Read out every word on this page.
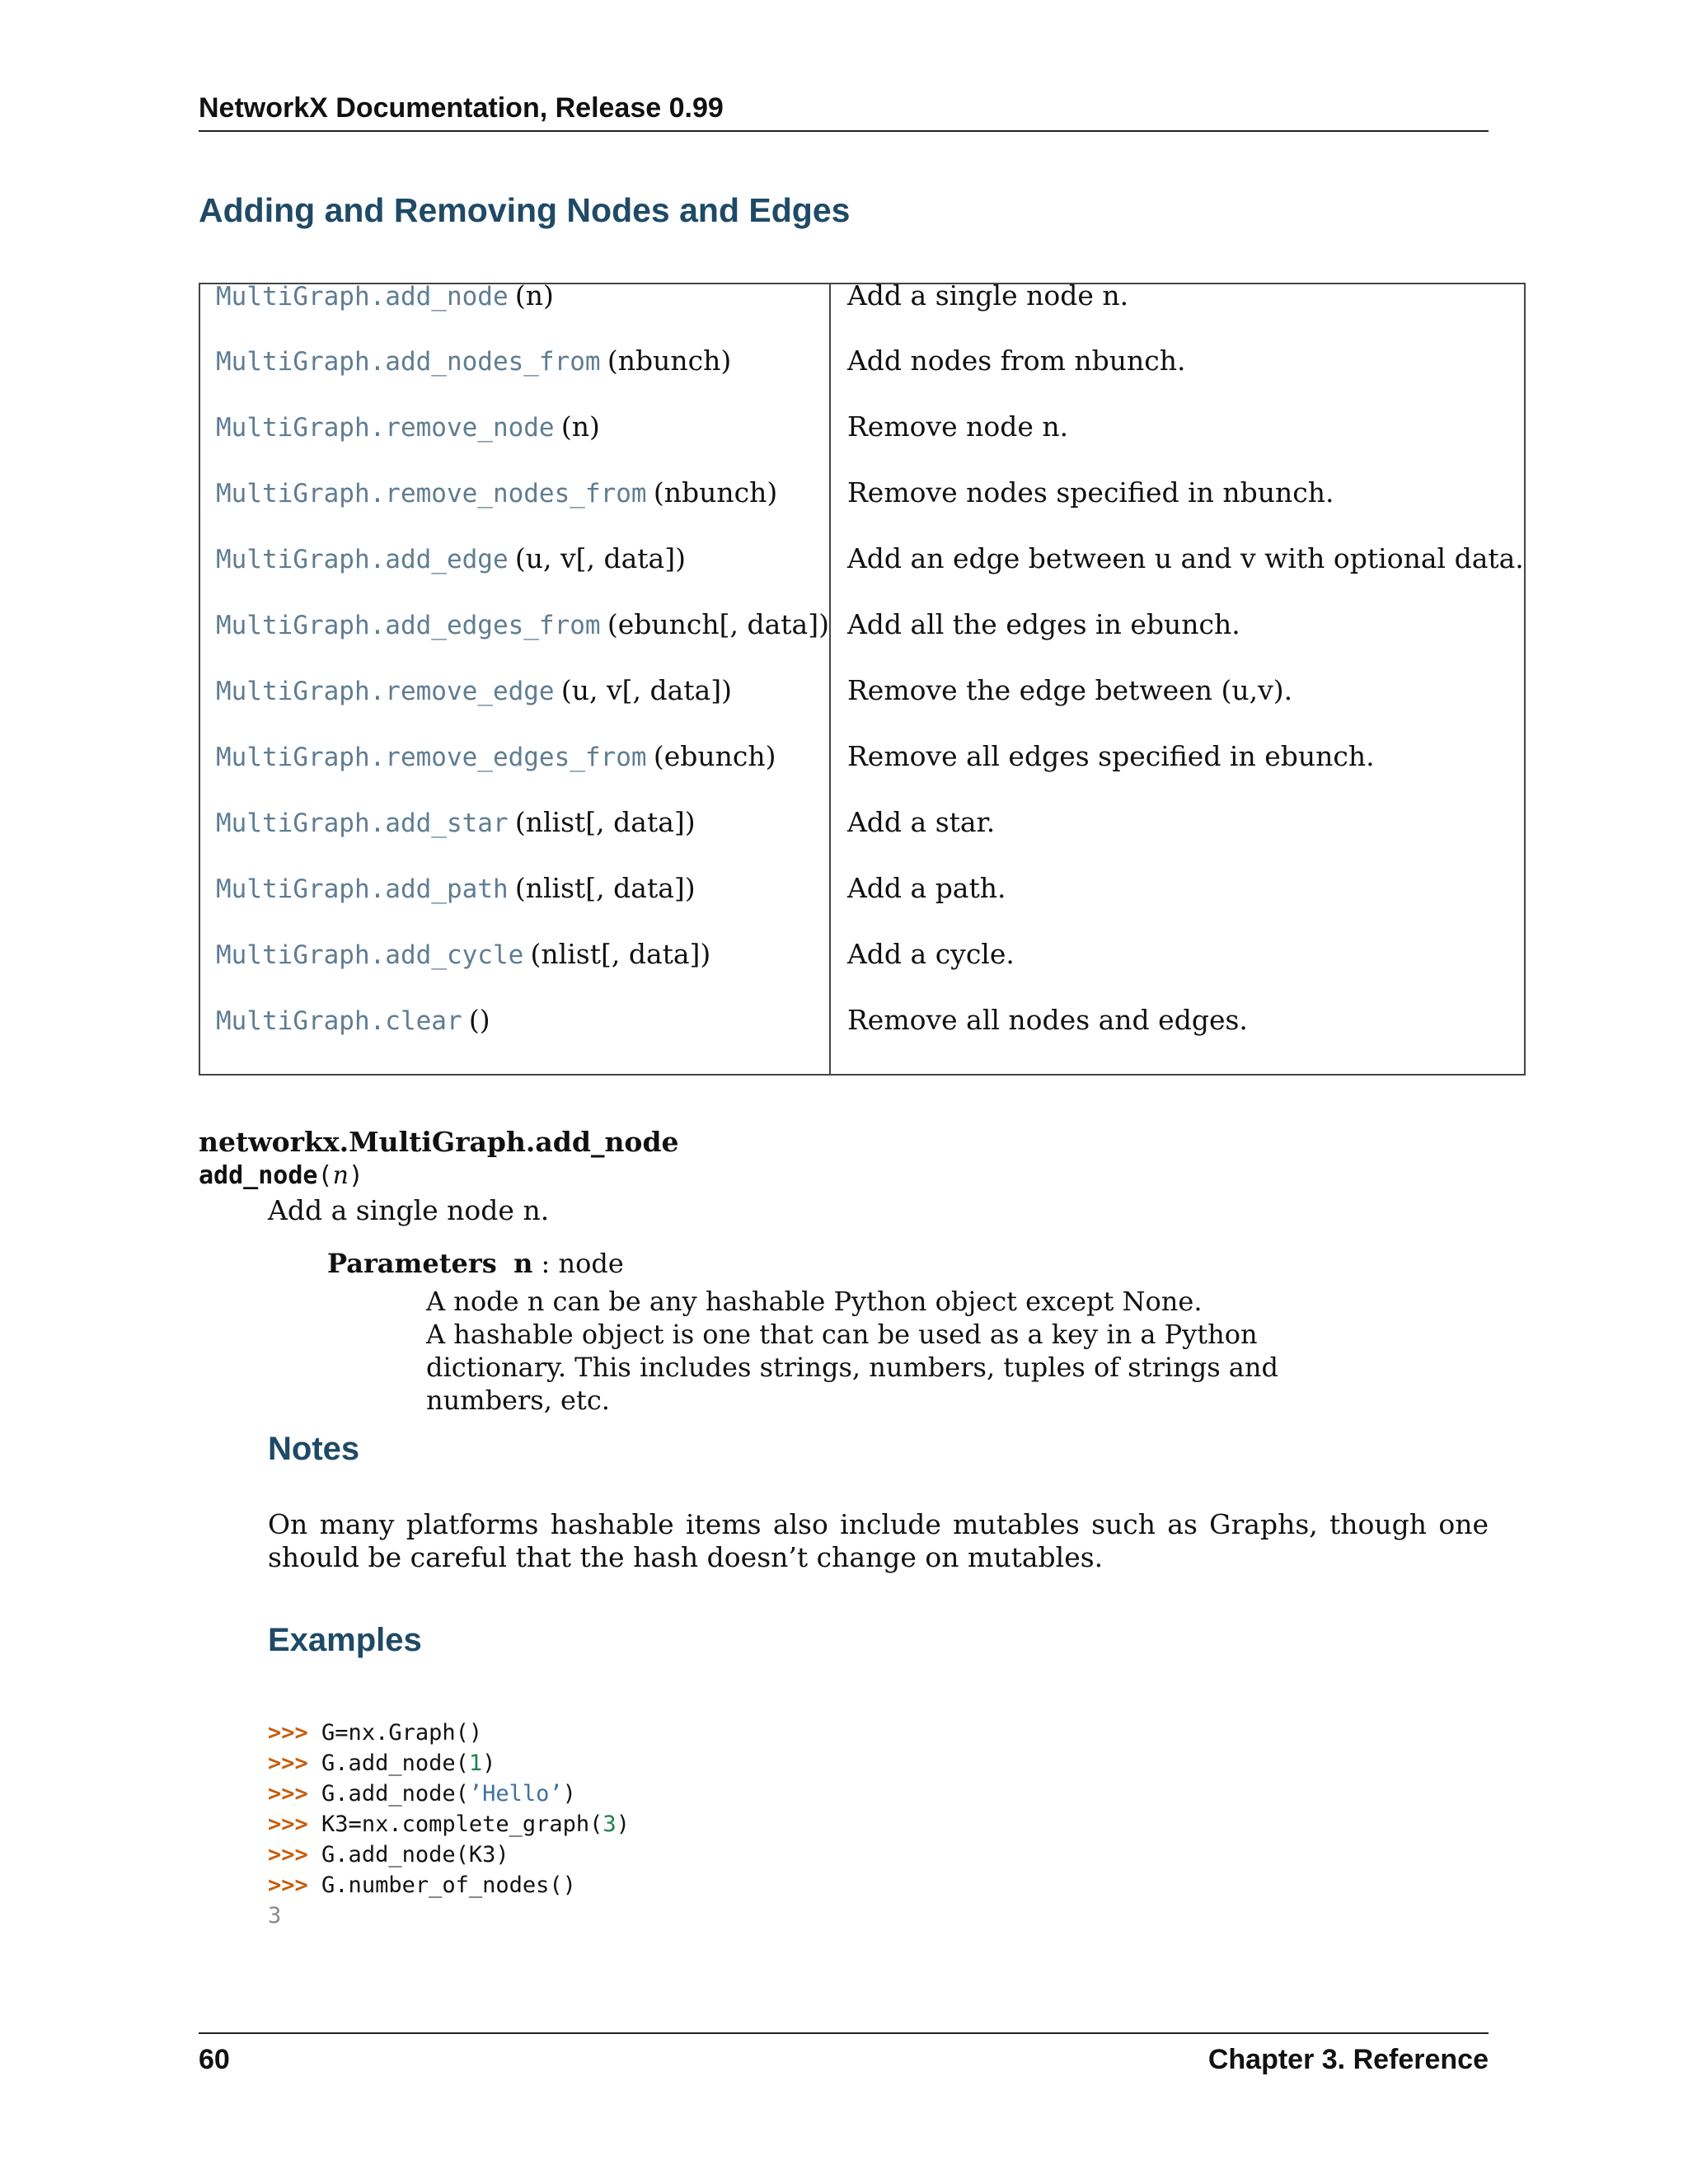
NetworkX Documentation, Release 0.99
Adding and Removing Nodes and Edges
MultiGraph.add_node (n)	Add a single node n.

MultiGraph.add_nodes_from (nbunch)	Add nodes from nbunch.

MultiGraph.remove_node (n)	Remove node n.

MultiGraph.remove_nodes_from (nbunch)	Remove nodes specified in nbunch.

MultiGraph.add_edge (u, v[, data])	Add an edge between u and v with optional data.

MultiGraph.add_edges_from (ebunch[, data])	Add all the edges in ebunch.

MultiGraph.remove_edge (u, v[, data])	Remove the edge between (u,v).

MultiGraph.remove_edges_from (ebunch)	Remove all edges specified in ebunch.

MultiGraph.add_star (nlist[, data])	Add a star.

MultiGraph.add_path (nlist[, data])	Add a path.

MultiGraph.add_cycle (nlist[, data])	Add a cycle.

MultiGraph.clear ()	Remove all nodes and edges.
networkx.MultiGraph.add_node
add_node(n)
Add a single node n.
Parameters n : node
A node n can be any hashable Python object except None.
A hashable object is one that can be used as a key in a Python dictionary. This includes strings, numbers, tuples of strings and numbers, etc.
Notes
On many platforms hashable items also include mutables such as Graphs, though one should be careful that the hash doesn’t change on mutables.
Examples
>>> G=nx.Graph()
>>> G.add_node(1)
>>> G.add_node(’Hello’)
>>> K3=nx.complete_graph(3)
>>> G.add_node(K3)
>>> G.number_of_nodes()
3
60	Chapter 3. Reference
